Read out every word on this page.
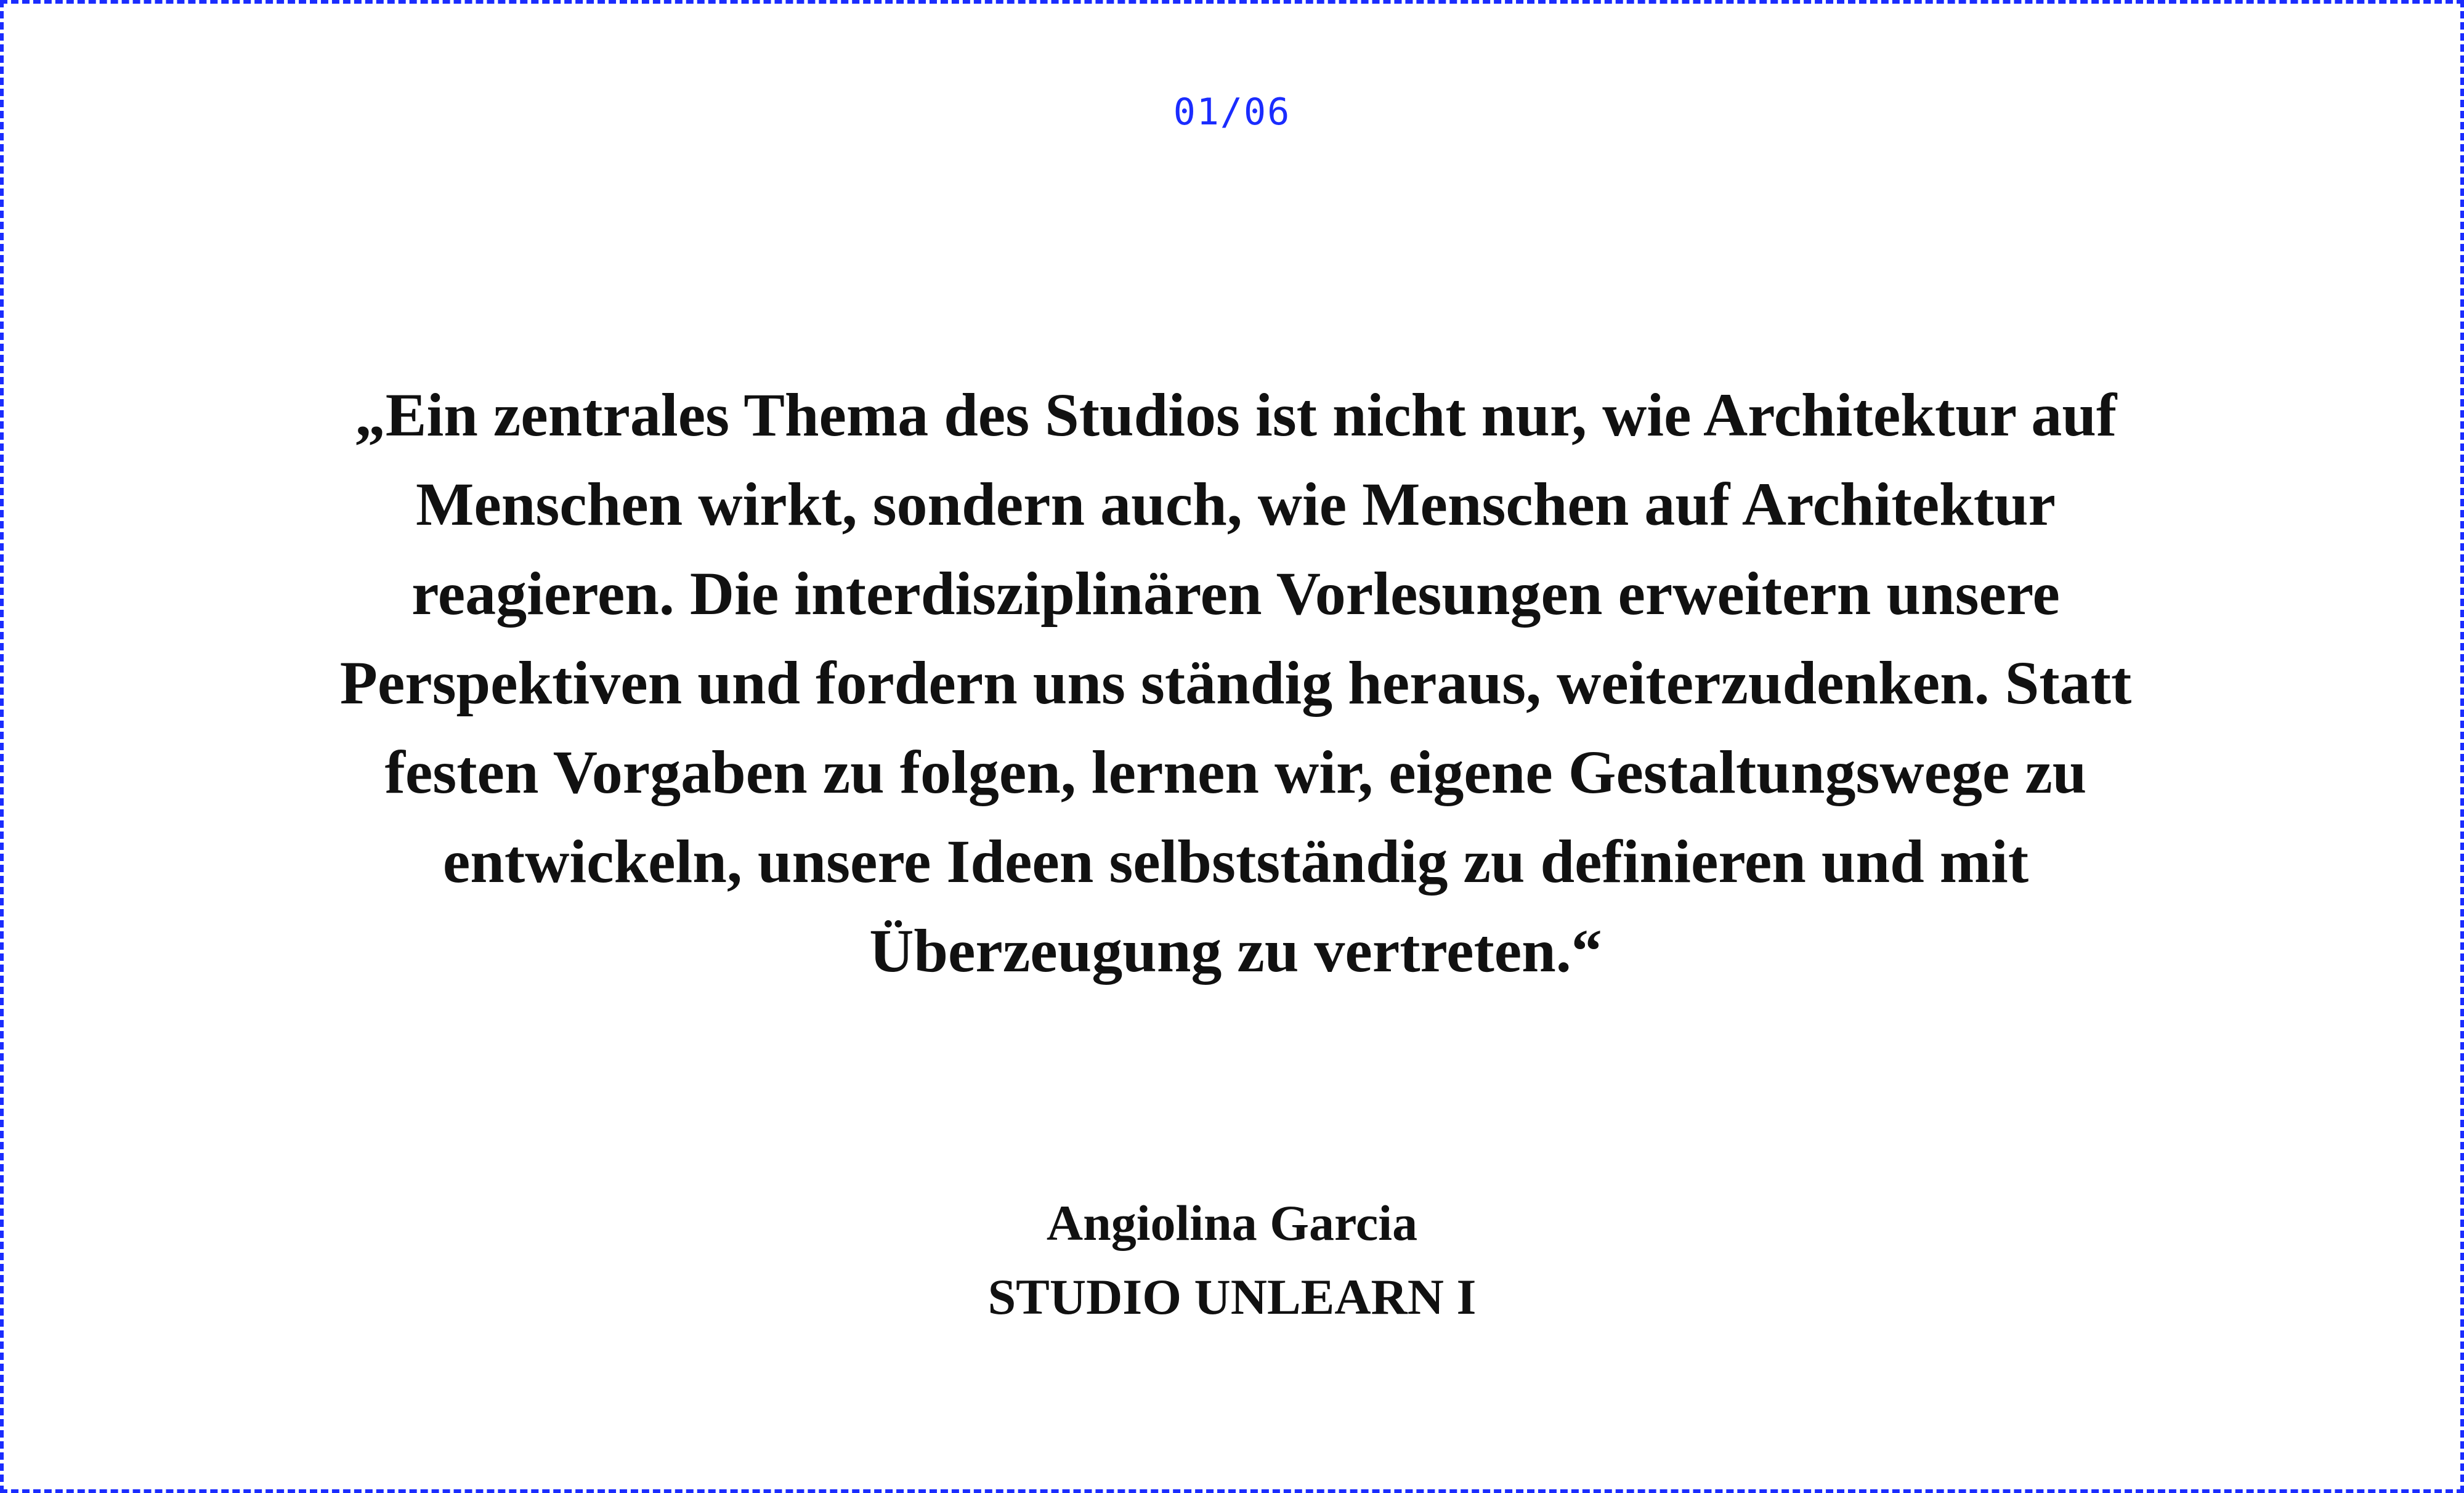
01/06

„Ein zentrales Thema des Studios ist nicht nur, wie Architektur auf Menschen wirkt, sondern auch, wie Menschen auf Architektur reagieren. Die interdisziplinären Vorlesungen erweitern unsere Perspektiven und fordern uns ständig heraus, weiterzudenken. Statt festen Vorgaben zu folgen, lernen wir, eigene Gestaltungswege zu entwickeln, unsere Ideen selbstständig zu definieren und mit Überzeugung zu vertreten.“

Angiolina Garcia
STUDIO UNLEARN I
